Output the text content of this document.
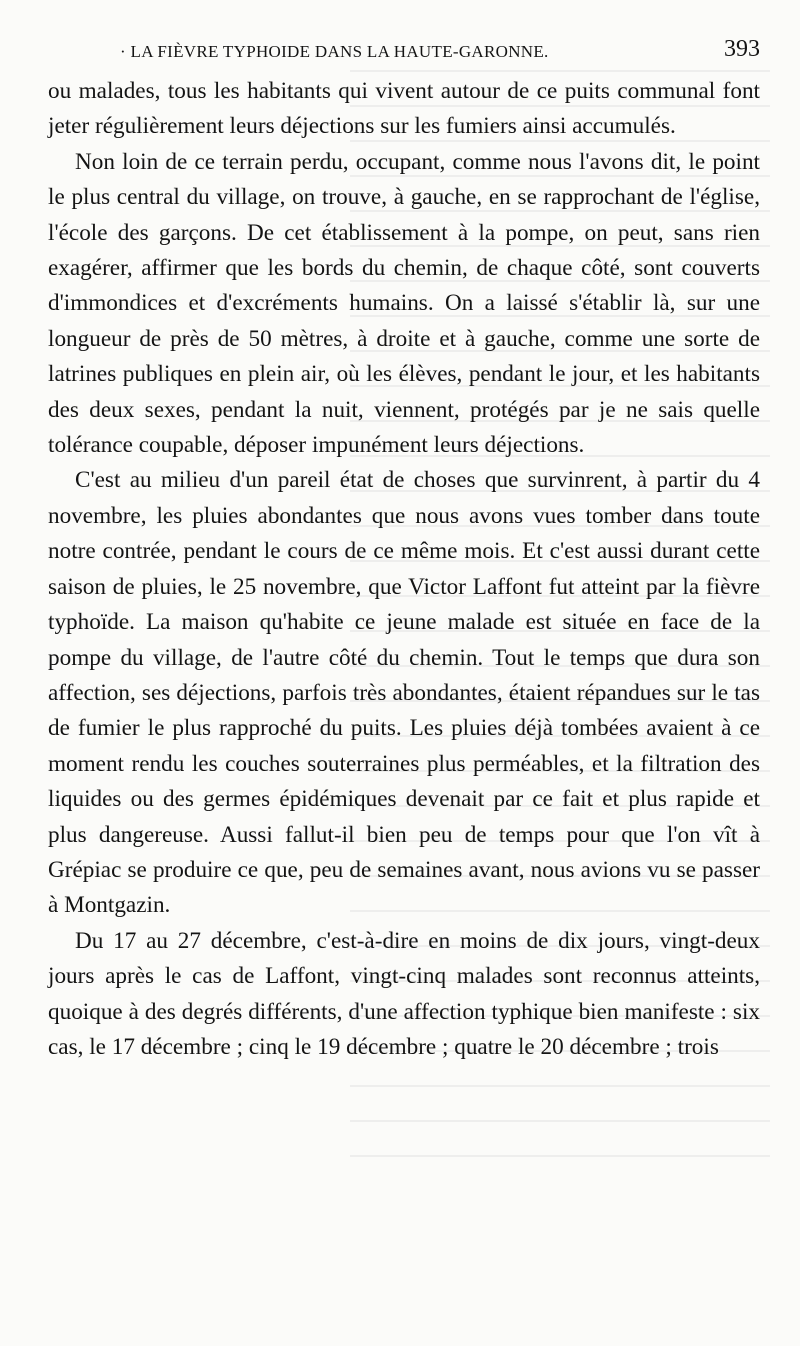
· LA FIÈVRE TYPHOIDE DANS LA HAUTE-GARONNE.	393

ou malades, tous les habitants qui vivent autour de ce puits communal font jeter régulièrement leurs déjections sur les fumiers ainsi accumulés.

Non loin de ce terrain perdu, occupant, comme nous l'avons dit, le point le plus central du village, on trouve, à gauche, en se rapprochant de l'église, l'école des garçons. De cet établissement à la pompe, on peut, sans rien exagérer, affirmer que les bords du chemin, de chaque côté, sont couverts d'immondices et d'excréments humains. On a laissé s'établir là, sur une longueur de près de 50 mètres, à droite et à gauche, comme une sorte de latrines publiques en plein air, où les élèves, pendant le jour, et les habitants des deux sexes, pendant la nuit, viennent, protégés par je ne sais quelle tolérance coupable, déposer impunément leurs déjections.

C'est au milieu d'un pareil état de choses que survinrent, à partir du 4 novembre, les pluies abondantes que nous avons vues tomber dans toute notre contrée, pendant le cours de ce même mois. Et c'est aussi durant cette saison de pluies, le 25 novembre, que Victor Laffont fut atteint par la fièvre typhoïde. La maison qu'habite ce jeune malade est située en face de la pompe du village, de l'autre côté du chemin. Tout le temps que dura son affection, ses déjections, parfois très abondantes, étaient répandues sur le tas de fumier le plus rapproché du puits. Les pluies déjà tombées avaient à ce moment rendu les couches souterraines plus perméables, et la filtration des liquides ou des germes épidémiques devenait par ce fait et plus rapide et plus dangereuse. Aussi fallut-il bien peu de temps pour que l'on vît à Grépiac se produire ce que, peu de semaines avant, nous avions vu se passer à Montgazin.

Du 17 au 27 décembre, c'est-à-dire en moins de dix jours, vingt-deux jours après le cas de Laffont, vingt-cinq malades sont reconnus atteints, quoique à des degrés différents, d'une affection typhique bien manifeste : six cas, le 17 décembre ; cinq le 19 décembre ; quatre le 20 décembre ; trois
